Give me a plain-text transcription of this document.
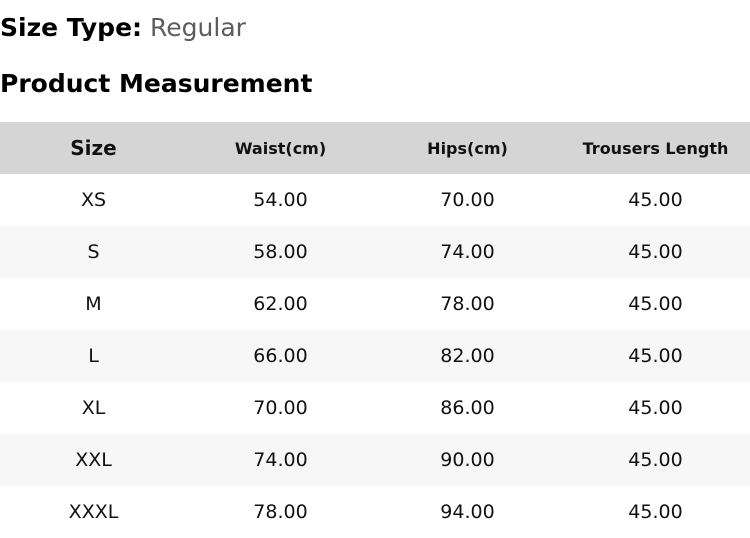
Size Type: Regular
Product Measurement
Size	Waist(cm)	Hips(cm)	Trousers Length
XS	54.00	70.00	45.00
S	58.00	74.00	45.00
M	62.00	78.00	45.00
L	66.00	82.00	45.00
XL	70.00	86.00	45.00
XXL	74.00	90.00	45.00
XXXL	78.00	94.00	45.00
